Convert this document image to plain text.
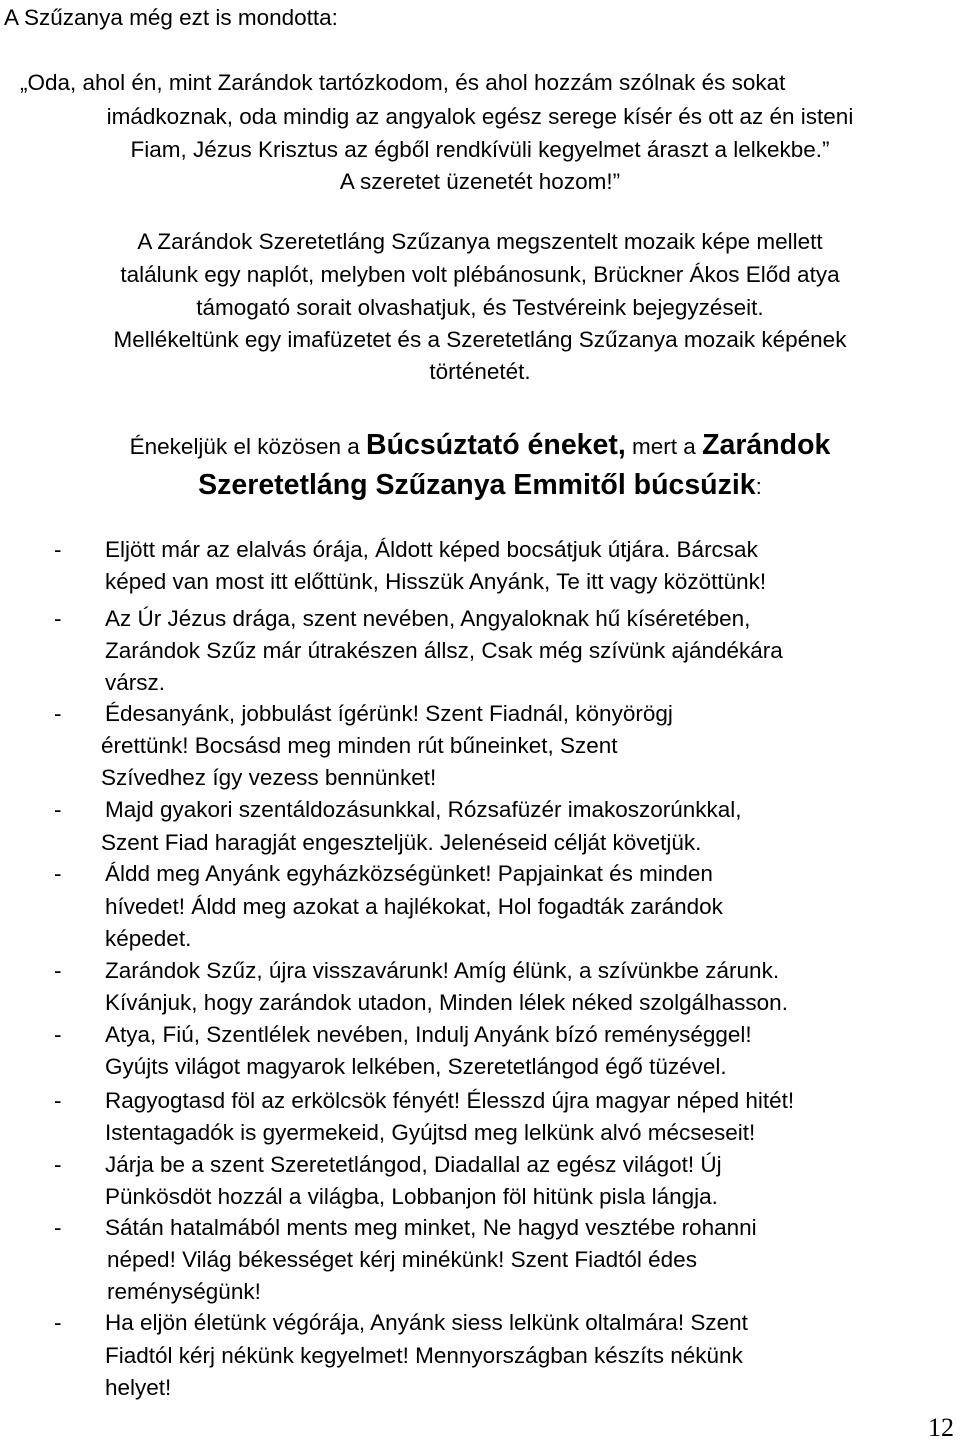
A Szűzanya még ezt is mondotta:
„Oda, ahol én, mint Zarándok tartózkodom, és ahol hozzám szólnak és sokat
imádkoznak, oda mindig az angyalok egész serege kísér és ott az én isteni
Fiam, Jézus Krisztus az égből rendkívüli kegyelmet áraszt a lelkekbe.”
A szeretet üzenetét hozom!”
A Zarándok Szeretetláng Szűzanya megszentelt mozaik képe mellett
találunk egy naplót, melyben volt plébánosunk, Brückner Ákos Előd atya
támogató sorait olvashatjuk, és Testvéreink bejegyzéseit.
Mellékeltünk egy imafüzetet és a Szeretetláng Szűzanya mozaik képének
történetét.
Énekeljük el közösen a Búcsúztató éneket, mert a Zarándok
Szeretetláng Szűzanya Emmitől búcsúzik:
- Eljött már az elalvás órája, Áldott képed bocsátjuk útjára. Bárcsak
képed van most itt előttünk, Hisszük Anyánk, Te itt vagy közöttünk!
- Az Úr Jézus drága, szent nevében, Angyaloknak hű kíséretében,
Zarándok Szűz már útrakészen állsz, Csak még szívünk ajándékára
vársz.
- Édesanyánk, jobbulást ígérünk! Szent Fiadnál, könyörögj
érettünk! Bocsásd meg minden rút bűneinket, Szent
Szívedhez így vezess bennünket!
- Majd gyakori szentáldozásunkkal, Rózsafüzér imakoszorúnkkal,
Szent Fiad haragját engeszteljük. Jelenéseid célját követjük.
- Áldd meg Anyánk egyházközségünket! Papjainkat és minden
hívedet! Áldd meg azokat a hajlékokat, Hol fogadták zarándok
képedet.
- Zarándok Szűz, újra visszavárunk! Amíg élünk, a szívünkbe zárunk.
Kívánjuk, hogy zarándok utadon, Minden lélek néked szolgálhasson.
- Atya, Fiú, Szentlélek nevében, Indulj Anyánk bízó reménységgel!
Gyújts világot magyarok lelkében, Szeretetlángod égő tüzével.
- Ragyogtasd föl az erkölcsök fényét! Élesszd újra magyar néped hitét!
Istentagadók is gyermekeid, Gyújtsd meg lelkünk alvó mécseseit!
- Járja be a szent Szeretetlángod, Diadallal az egész világot! Új
Pünkösdöt hozzál a világba, Lobbanjon föl hitünk pisla lángja.
- Sátán hatalmából ments meg minket, Ne hagyd vesztébe rohanni
néped! Világ békességet kérj minékünk! Szent Fiadtól édes
reménységünk!
- Ha eljön életünk végórája, Anyánk siess lelkünk oltalmára! Szent
Fiadtól kérj nékünk kegyelmet! Mennyországban készíts nékünk
helyet!
12
